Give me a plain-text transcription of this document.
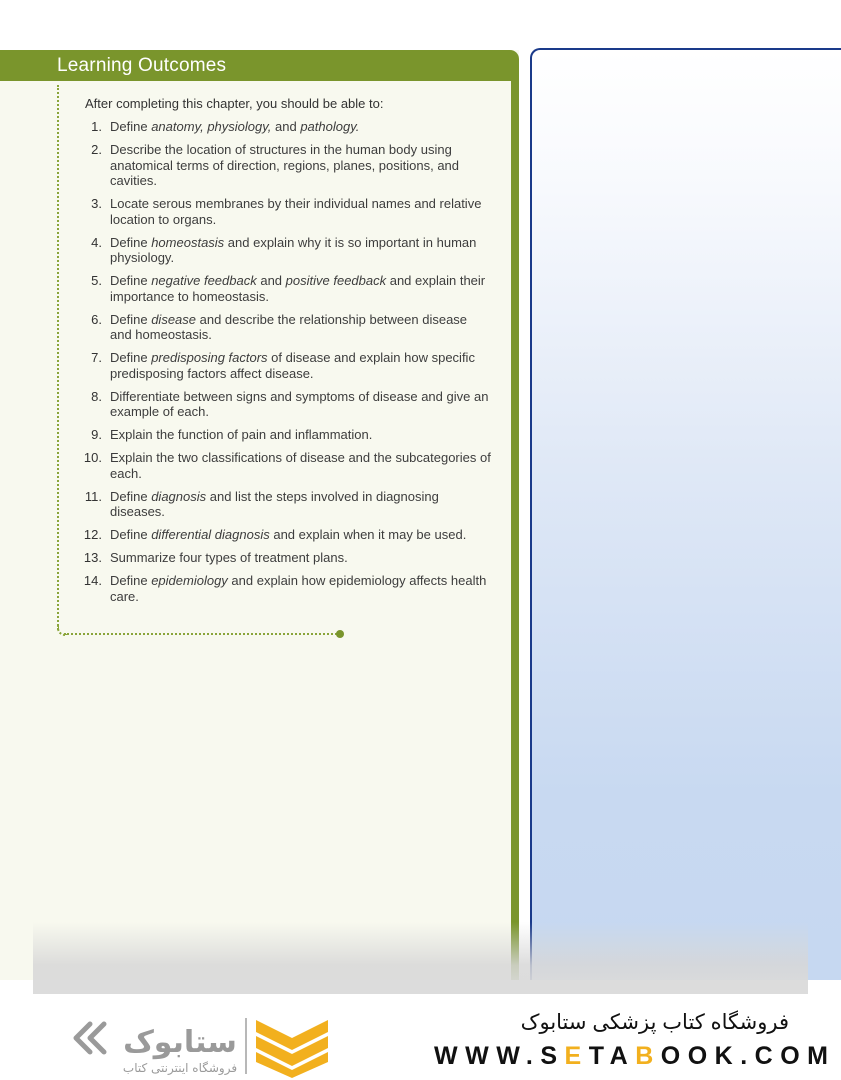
Learning Outcomes
After completing this chapter, you should be able to:
1. Define anatomy, physiology, and pathology.
2. Describe the location of structures in the human body using anatomical terms of direction, regions, planes, positions, and cavities.
3. Locate serous membranes by their individual names and relative location to organs.
4. Define homeostasis and explain why it is so important in human physiology.
5. Define negative feedback and positive feedback and explain their importance to homeostasis.
6. Define disease and describe the relationship between disease and homeostasis.
7. Define predisposing factors of disease and explain how specific predisposing factors affect disease.
8. Differentiate between signs and symptoms of disease and give an example of each.
9. Explain the function of pain and inflammation.
10. Explain the two classifications of disease and the subcategories of each.
11. Define diagnosis and list the steps involved in diagnosing diseases.
12. Define differential diagnosis and explain when it may be used.
13. Summarize four types of treatment plans.
14. Define epidemiology and explain how epidemiology affects health care.
ستابوک
فروشگاه اینترنتی کتاب
فروشگاه کتاب پزشکی ستابوک
WWW.SETABOOK.COM
